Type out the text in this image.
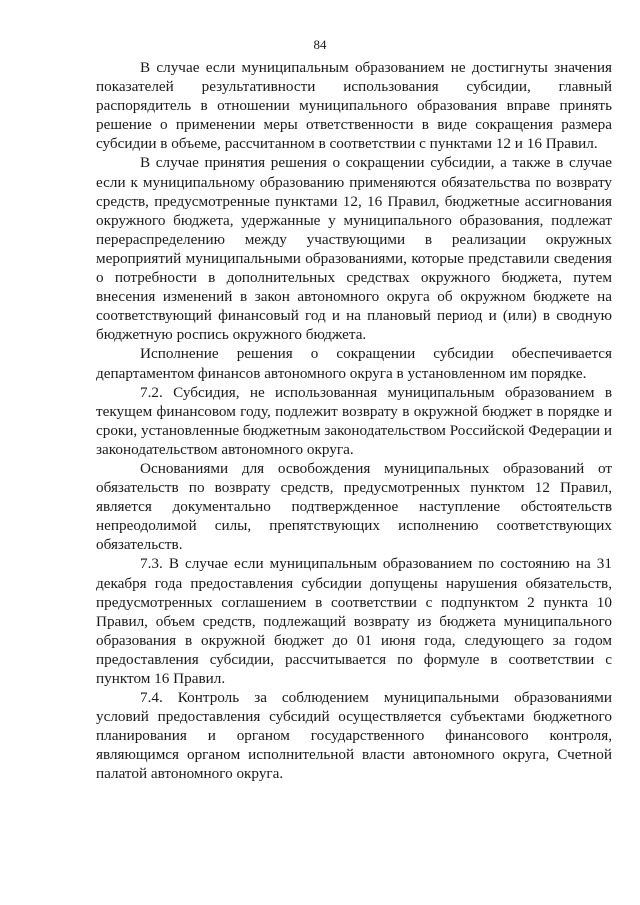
84

В случае если муниципальным образованием не достигнуты значения показателей результативности использования субсидии, главный распорядитель в отношении муниципального образования вправе принять решение о применении меры ответственности в виде сокращения размера субсидии в объеме, рассчитанном в соответствии с пунктами 12 и 16 Правил.

В случае принятия решения о сокращении субсидии, а также в случае если к муниципальному образованию применяются обязательства по возврату средств, предусмотренные пунктами 12, 16 Правил, бюджетные ассигнования окружного бюджета, удержанные у муниципального образования, подлежат перераспределению между участвующими в реализации окружных мероприятий муниципальными образованиями, которые представили сведения о потребности в дополнительных средствах окружного бюджета, путем внесения изменений в закон автономного округа об окружном бюджете на соответствующий финансовый год и на плановый период и (или) в сводную бюджетную роспись окружного бюджета.

Исполнение решения о сокращении субсидии обеспечивается департаментом финансов автономного округа в установленном им порядке.

7.2. Субсидия, не использованная муниципальным образованием в текущем финансовом году, подлежит возврату в окружной бюджет в порядке и сроки, установленные бюджетным законодательством Российской Федерации и законодательством автономного округа.

Основаниями для освобождения муниципальных образований от обязательств по возврату средств, предусмотренных пунктом 12 Правил, является документально подтвержденное наступление обстоятельств непреодолимой силы, препятствующих исполнению соответствующих обязательств.

7.3. В случае если муниципальным образованием по состоянию на 31 декабря года предоставления субсидии допущены нарушения обязательств, предусмотренных соглашением в соответствии с подпунктом 2 пункта 10 Правил, объем средств, подлежащий возврату из бюджета муниципального образования в окружной бюджет до 01 июня года, следующего за годом предоставления субсидии, рассчитывается по формуле в соответствии с пунктом 16 Правил.

7.4. Контроль за соблюдением муниципальными образованиями условий предоставления субсидий осуществляется субъектами бюджетного планирования и органом государственного финансового контроля, являющимся органом исполнительной власти автономного округа, Счетной палатой автономного округа.
